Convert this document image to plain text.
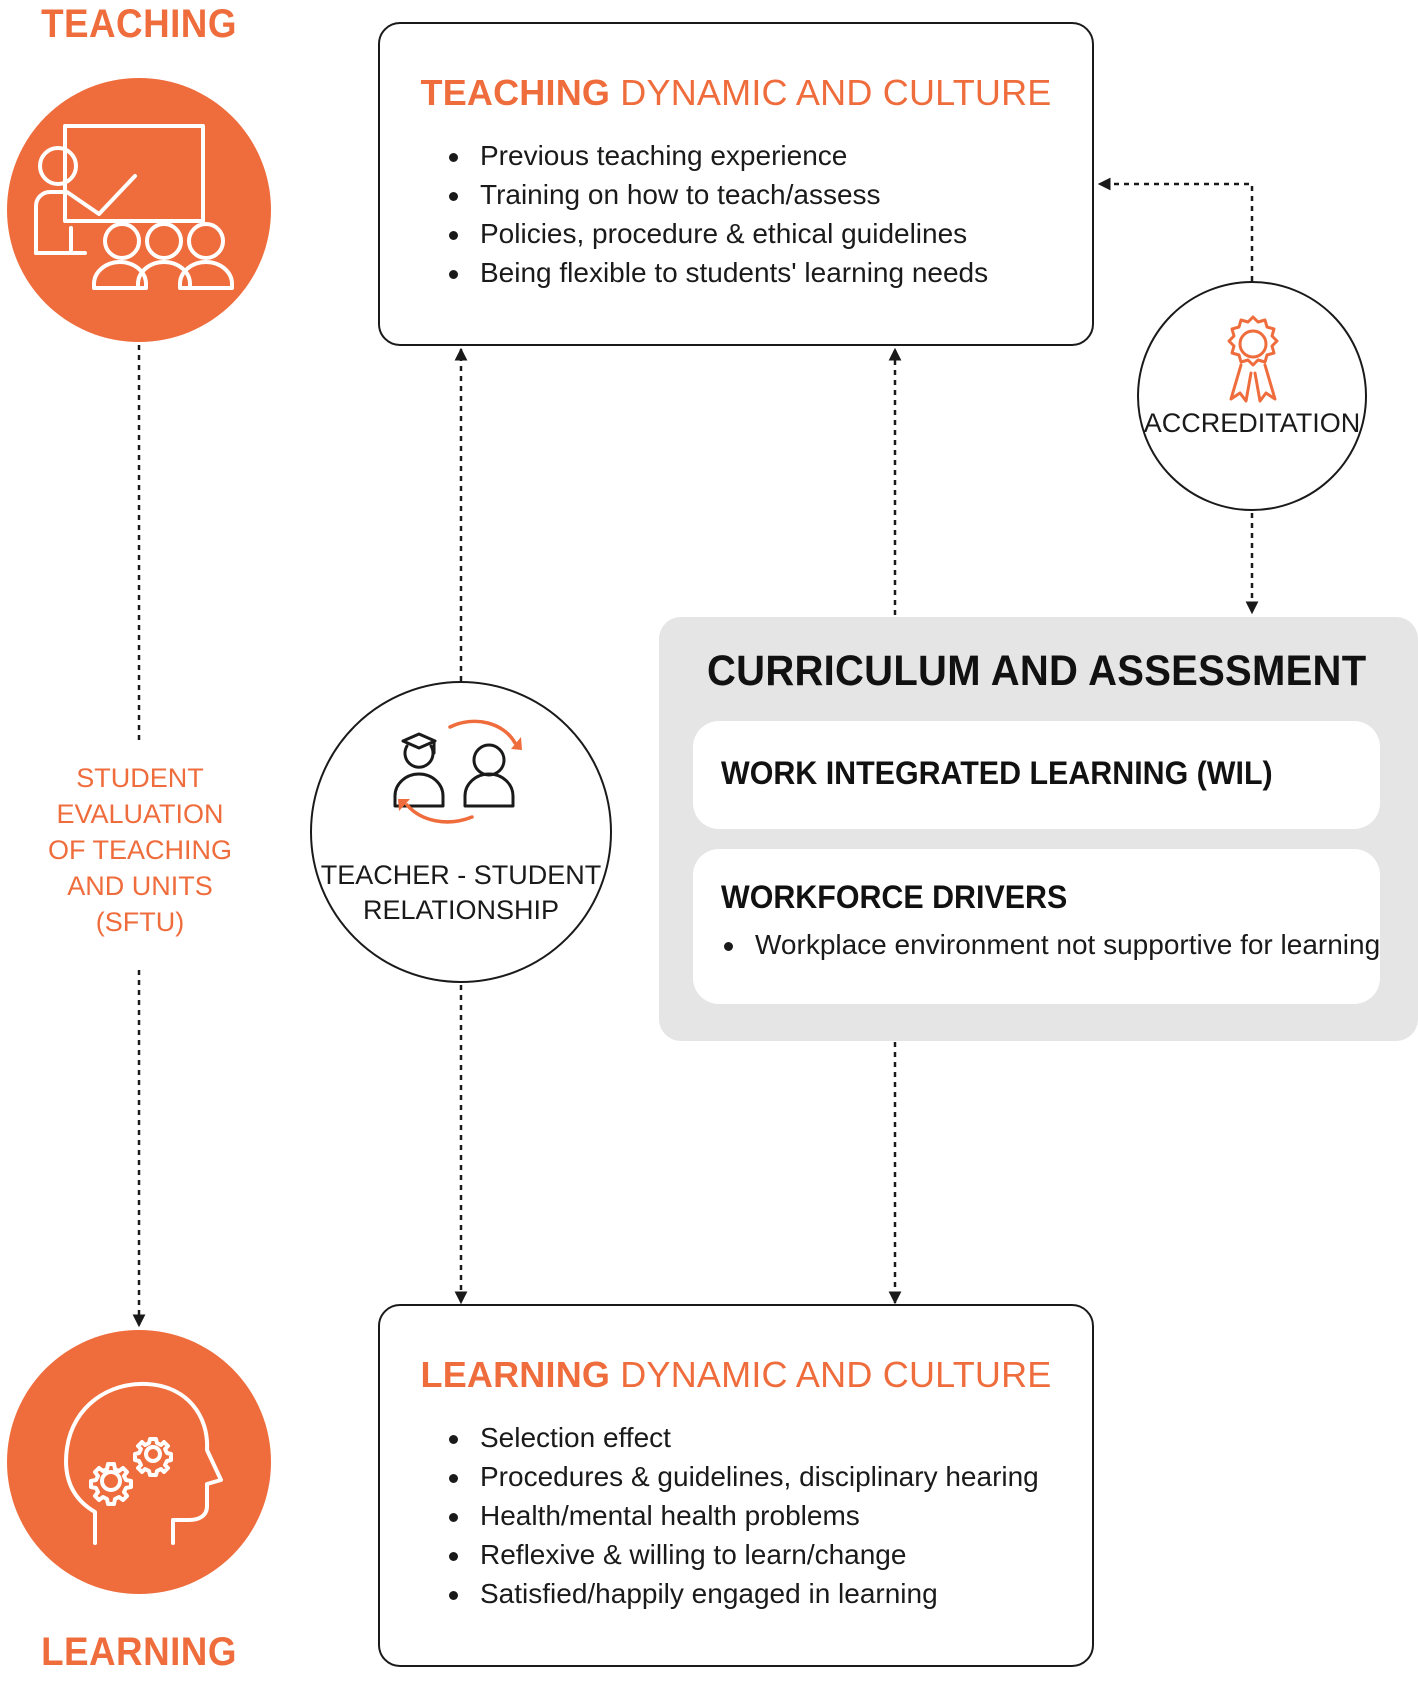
TEACHING
STUDENT
EVALUATION
OF TEACHING
AND UNITS
(SFTU)
LEARNING
TEACHING DYNAMIC AND CULTURE
Previous teaching experience
Training on how to teach/assess
Policies, procedure & ethical guidelines
Being flexible to students' learning needs
LEARNING DYNAMIC AND CULTURE
Selection effect
Procedures & guidelines, disciplinary hearing
Health/mental health problems
Reflexive & willing to learn/change
Satisfied/happily engaged in learning
ACCREDITATION
TEACHER - STUDENT
RELATIONSHIP
CURRICULUM AND ASSESSMENT
WORK INTEGRATED LEARNING (WIL)
WORKFORCE DRIVERS
Workplace environment not supportive for learning
